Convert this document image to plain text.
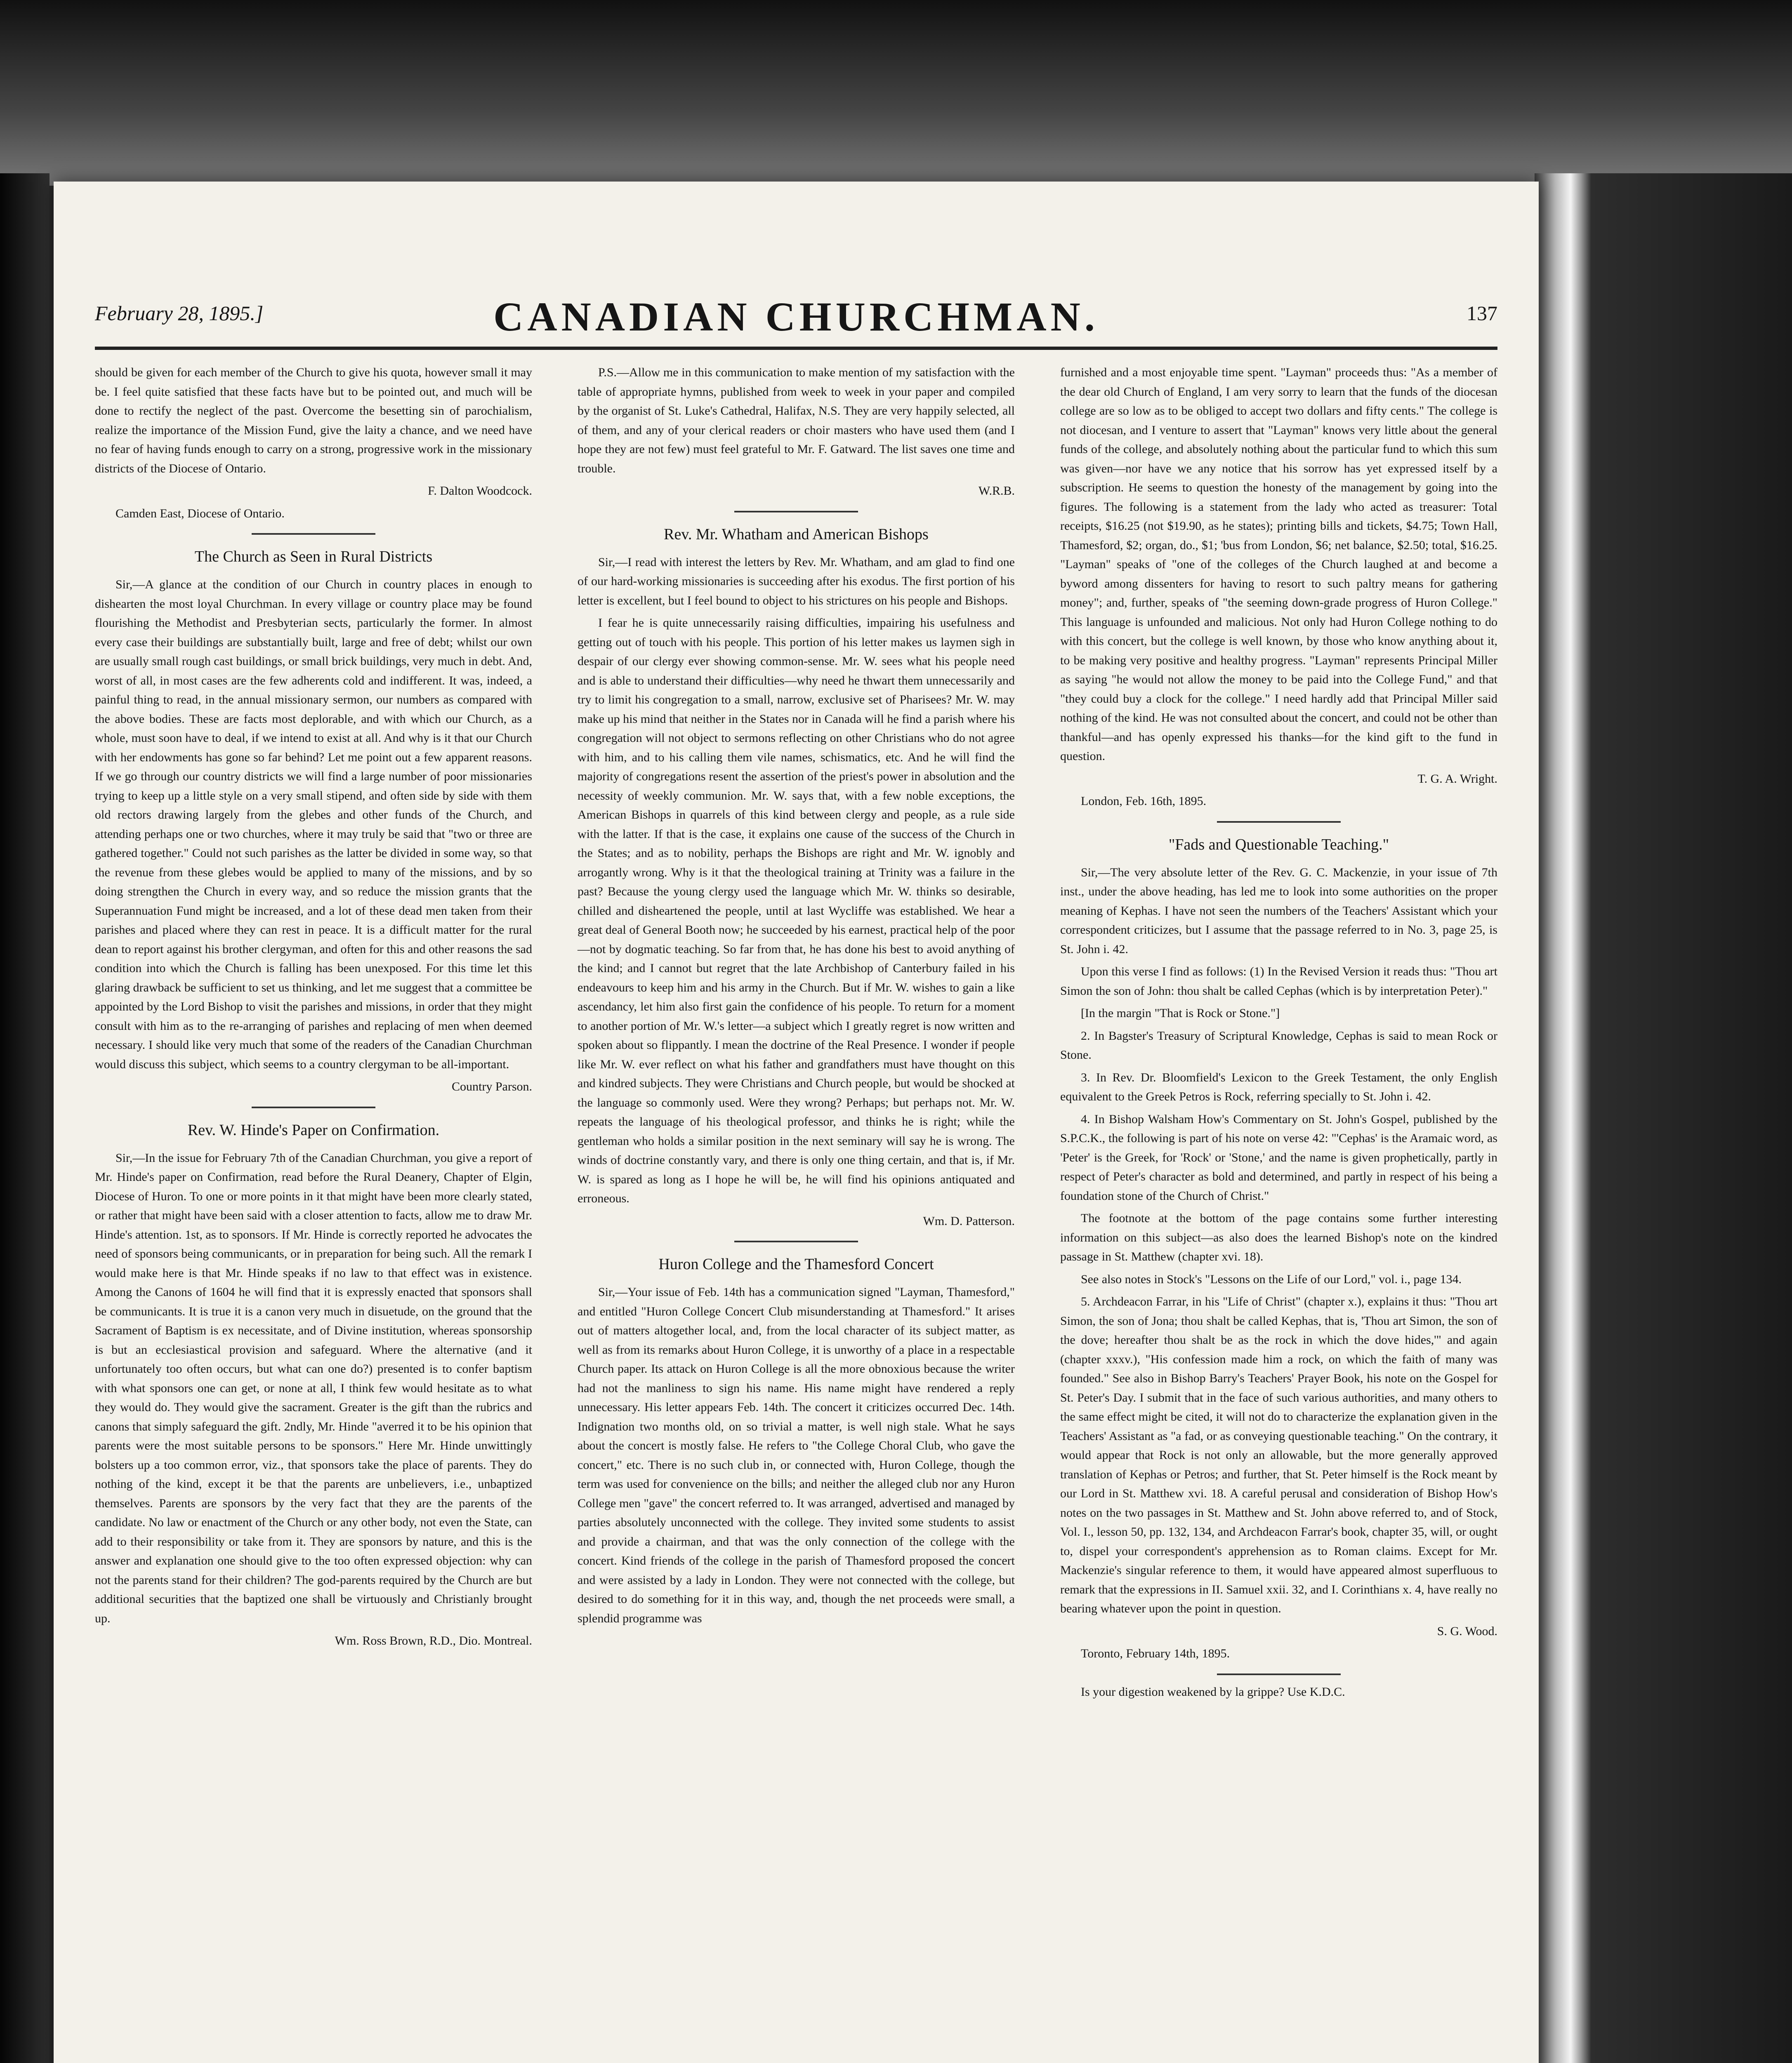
CANADIAN CHURCHMAN.
February 28, 1895.]	137

should be given for each member of the Church to give his quota, however small it may be. I feel quite satisfied that these facts have but to be pointed out, and much will be done to rectify the neglect of the past. Overcome the besetting sin of parochialism, realize the importance of the Mission Fund, give the laity a chance, and we need have no fear of having funds enough to carry on a strong, progressive work in the missionary districts of the Diocese of Ontario.

F. Dalton Woodcock.

Camden East, Diocese of Ontario.

The Church as Seen in Rural Districts

Sir,—A glance at the condition of our Church in country places in enough to dishearten the most loyal Churchman. In every village or country place may be found flourishing the Methodist and Presbyterian sects, particularly the former. In almost every case their buildings are substantially built, large and free of debt; whilst our own are usually small rough cast buildings, or small brick buildings, very much in debt. And, worst of all, in most cases are the few adherents cold and indifferent. It was, indeed, a painful thing to read, in the annual missionary sermon, our numbers as compared with the above bodies. These are facts most deplorable, and with which our Church, as a whole, must soon have to deal, if we intend to exist at all. And why is it that our Church with her endowments has gone so far behind? Let me point out a few apparent reasons. If we go through our country districts we will find a large number of poor missionaries trying to keep up a little style on a very small stipend, and often side by side with them old rectors drawing largely from the glebes and other funds of the Church, and attending perhaps one or two churches, where it may truly be said that "two or three are gathered together." Could not such parishes as the latter be divided in some way, so that the revenue from these glebes would be applied to many of the missions, and by so doing strengthen the Church in every way, and so reduce the mission grants that the Superannuation Fund might be increased, and a lot of these dead men taken from their parishes and placed where they can rest in peace. It is a difficult matter for the rural dean to report against his brother clergyman, and often for this and other reasons the sad condition into which the Church is falling has been unexposed. For this time let this glaring drawback be sufficient to set us thinking, and let me suggest that a committee be appointed by the Lord Bishop to visit the parishes and missions, in order that they might consult with him as to the re-arranging of parishes and replacing of men when deemed necessary. I should like very much that some of the readers of the Canadian Churchman would discuss this subject, which seems to a country clergyman to be all-important.

Country Parson.

Rev. W. Hinde's Paper on Confirmation.

Sir,—In the issue for February 7th of the Canadian Churchman, you give a report of Mr. Hinde's paper on Confirmation, read before the Rural Deanery, Chapter of Elgin, Diocese of Huron. To one or more points in it that might have been more clearly stated, or rather that might have been said with a closer attention to facts, allow me to draw Mr. Hinde's attention. 1st, as to sponsors. If Mr. Hinde is correctly reported he advocates the need of sponsors being communicants, or in preparation for being such. All the remark I would make here is that Mr. Hinde speaks if no law to that effect was in existence. Among the Canons of 1604 he will find that it is expressly enacted that sponsors shall be communicants. It is true it is a canon very much in disuetude, on the ground that the Sacrament of Baptism is ex necessitate, and of Divine institution, whereas sponsorship is but an ecclesiastical provision and safeguard. Where the alternative (and it unfortunately too often occurs, but what can one do?) presented is to confer baptism with what sponsors one can get, or none at all, I think few would hesitate as to what they would do. They would give the sacrament. Greater is the gift than the rubrics and canons that simply safeguard the gift. 2ndly, Mr. Hinde "averred it to be his opinion that parents were the most suitable persons to be sponsors." Here Mr. Hinde unwittingly bolsters up a too common error, viz., that sponsors take the place of parents. They do nothing of the kind, except it be that the parents are unbelievers, i.e., unbaptized themselves. Parents are sponsors by the very fact that they are the parents of the candidate. No law or enactment of the Church or any other body, not even the State, can add to their responsibility or take from it. They are sponsors by nature, and this is the answer and explanation one should give to the too often expressed objection: why can not the parents stand for their children? The god-parents required by the Church are but additional securities that the baptized one shall be virtuously and Christianly brought up.

Wm. Ross Brown, R.D., Dio. Montreal.

P.S.—Allow me in this communication to make mention of my satisfaction with the table of appropriate hymns, published from week to week in your paper and compiled by the organist of St. Luke's Cathedral, Halifax, N.S. They are very happily selected, all of them, and any of your clerical readers or choir masters who have used them (and I hope they are not few) must feel grateful to Mr. F. Gatward. The list saves one time and trouble.

W.R.B.

Rev. Mr. Whatham and American Bishops

Sir,—I read with interest the letters by Rev. Mr. Whatham, and am glad to find one of our hard-working missionaries is succeeding after his exodus. The first portion of his letter is excellent, but I feel bound to object to his strictures on his people and Bishops.

I fear he is quite unnecessarily raising difficulties, impairing his usefulness and getting out of touch with his people. This portion of his letter makes us laymen sigh in despair of our clergy ever showing common-sense. Mr. W. sees what his people need and is able to understand their difficulties—why need he thwart them unnecessarily and try to limit his congregation to a small, narrow, exclusive set of Pharisees? Mr. W. may make up his mind that neither in the States nor in Canada will he find a parish where his congregation will not object to sermons reflecting on other Christians who do not agree with him, and to his calling them vile names, schismatics, etc. And he will find the majority of congregations resent the assertion of the priest's power in absolution and the necessity of weekly communion. Mr. W. says that, with a few noble exceptions, the American Bishops in quarrels of this kind between clergy and people, as a rule side with the latter. If that is the case, it explains one cause of the success of the Church in the States; and as to nobility, perhaps the Bishops are right and Mr. W. ignobly and arrogantly wrong. Why is it that the theological training at Trinity was a failure in the past? Because the young clergy used the language which Mr. W. thinks so desirable, chilled and disheartened the people, until at last Wycliffe was established. We hear a great deal of General Booth now; he succeeded by his earnest, practical help of the poor—not by dogmatic teaching. So far from that, he has done his best to avoid anything of the kind; and I cannot but regret that the late Archbishop of Canterbury failed in his endeavours to keep him and his army in the Church. But if Mr. W. wishes to gain a like ascendancy, let him also first gain the confidence of his people. To return for a moment to another portion of Mr. W.'s letter—a subject which I greatly regret is now written and spoken about so flippantly. I mean the doctrine of the Real Presence. I wonder if people like Mr. W. ever reflect on what his father and grandfathers must have thought on this and kindred subjects. They were Christians and Church people, but would be shocked at the language so commonly used. Were they wrong? Perhaps; but perhaps not. Mr. W. repeats the language of his theological professor, and thinks he is right; while the gentleman who holds a similar position in the next seminary will say he is wrong. The winds of doctrine constantly vary, and there is only one thing certain, and that is, if Mr. W. is spared as long as I hope he will be, he will find his opinions antiquated and erroneous.

Wm. D. Patterson.

Huron College and the Thamesford Concert

Sir,—Your issue of Feb. 14th has a communication signed "Layman, Thamesford," and entitled "Huron College Concert Club misunderstanding at Thamesford." It arises out of matters altogether local, and, from the local character of its subject matter, as well as from its remarks about Huron College, it is unworthy of a place in a respectable Church paper. Its attack on Huron College is all the more obnoxious because the writer had not the manliness to sign his name. His name might have rendered a reply unnecessary. His letter appears Feb. 14th. The concert it criticizes occurred Dec. 14th. Indignation two months old, on so trivial a matter, is well nigh stale. What he says about the concert is mostly false. He refers to "the College Choral Club, who gave the concert," etc. There is no such club in, or connected with, Huron College, though the term was used for convenience on the bills; and neither the alleged club nor any Huron College men "gave" the concert referred to. It was arranged, advertised and managed by parties absolutely unconnected with the college. They invited some students to assist and provide a chairman, and that was the only connection of the college with the concert. Kind friends of the college in the parish of Thamesford proposed the concert and were assisted by a lady in London. They were not connected with the college, but desired to do something for it in this way, and, though the net proceeds were small, a splendid programme was

furnished and a most enjoyable time spent. "Layman" proceeds thus: "As a member of the dear old Church of England, I am very sorry to learn that the funds of the diocesan college are so low as to be obliged to accept two dollars and fifty cents." The college is not diocesan, and I venture to assert that "Layman" knows very little about the general funds of the college, and absolutely nothing about the particular fund to which this sum was given—nor have we any notice that his sorrow has yet expressed itself by a subscription. He seems to question the honesty of the management by going into the figures. The following is a statement from the lady who acted as treasurer: Total receipts, $16.25 (not $19.90, as he states); printing bills and tickets, $4.75; Town Hall, Thamesford, $2; organ, do., $1; 'bus from London, $6; net balance, $2.50; total, $16.25. "Layman" speaks of "one of the colleges of the Church laughed at and become a byword among dissenters for having to resort to such paltry means for gathering money"; and, further, speaks of "the seeming down-grade progress of Huron College." This language is unfounded and malicious. Not only had Huron College nothing to do with this concert, but the college is well known, by those who know anything about it, to be making very positive and healthy progress. "Layman" represents Principal Miller as saying "he would not allow the money to be paid into the College Fund," and that "they could buy a clock for the college." I need hardly add that Principal Miller said nothing of the kind. He was not consulted about the concert, and could not be other than thankful—and has openly expressed his thanks—for the kind gift to the fund in question.

T. G. A. Wright.

London, Feb. 16th, 1895.

"Fads and Questionable Teaching."

Sir,—The very absolute letter of the Rev. G. C. Mackenzie, in your issue of 7th inst., under the above heading, has led me to look into some authorities on the proper meaning of Kephas. I have not seen the numbers of the Teachers' Assistant which your correspondent criticizes, but I assume that the passage referred to in No. 3, page 25, is St. John i. 42.

Upon this verse I find as follows: (1) In the Revised Version it reads thus: "Thou art Simon the son of John: thou shalt be called Cephas (which is by interpretation Peter)."

[In the margin "That is Rock or Stone."]

2. In Bagster's Treasury of Scriptural Knowledge, Cephas is said to mean Rock or Stone.

3. In Rev. Dr. Bloomfield's Lexicon to the Greek Testament, the only English equivalent to the Greek Petros is Rock, referring specially to St. John i. 42.

4. In Bishop Walsham How's Commentary on St. John's Gospel, published by the S.P.C.K., the following is part of his note on verse 42: "'Cephas' is the Aramaic word, as 'Peter' is the Greek, for 'Rock' or 'Stone,' and the name is given prophetically, partly in respect of Peter's character as bold and determined, and partly in respect of his being a foundation stone of the Church of Christ."

The footnote at the bottom of the page contains some further interesting information on this subject—as also does the learned Bishop's note on the kindred passage in St. Matthew (chapter xvi. 18).

See also notes in Stock's "Lessons on the Life of our Lord," vol. i., page 134.

5. Archdeacon Farrar, in his "Life of Christ" (chapter x.), explains it thus: "Thou art Simon, the son of Jona; thou shalt be called Kephas, that is, 'Thou art Simon, the son of the dove; hereafter thou shalt be as the rock in which the dove hides,'" and again (chapter xxxv.), "His confession made him a rock, on which the faith of many was founded." See also in Bishop Barry's Teachers' Prayer Book, his note on the Gospel for St. Peter's Day. I submit that in the face of such various authorities, and many others to the same effect might be cited, it will not do to characterize the explanation given in the Teachers' Assistant as "a fad, or as conveying questionable teaching." On the contrary, it would appear that Rock is not only an allowable, but the more generally approved translation of Kephas or Petros; and further, that St. Peter himself is the Rock meant by our Lord in St. Matthew xvi. 18. A careful perusal and consideration of Bishop How's notes on the two passages in St. Matthew and St. John above referred to, and of Stock, Vol. I., lesson 50, pp. 132, 134, and Archdeacon Farrar's book, chapter 35, will, or ought to, dispel your correspondent's apprehension as to Roman claims. Except for Mr. Mackenzie's singular reference to them, it would have appeared almost superfluous to remark that the expressions in II. Samuel xxii. 32, and I. Corinthians x. 4, have really no bearing whatever upon the point in question.

S. G. Wood.

Toronto, February 14th, 1895.

Is your digestion weakened by la grippe? Use K.D.C.
